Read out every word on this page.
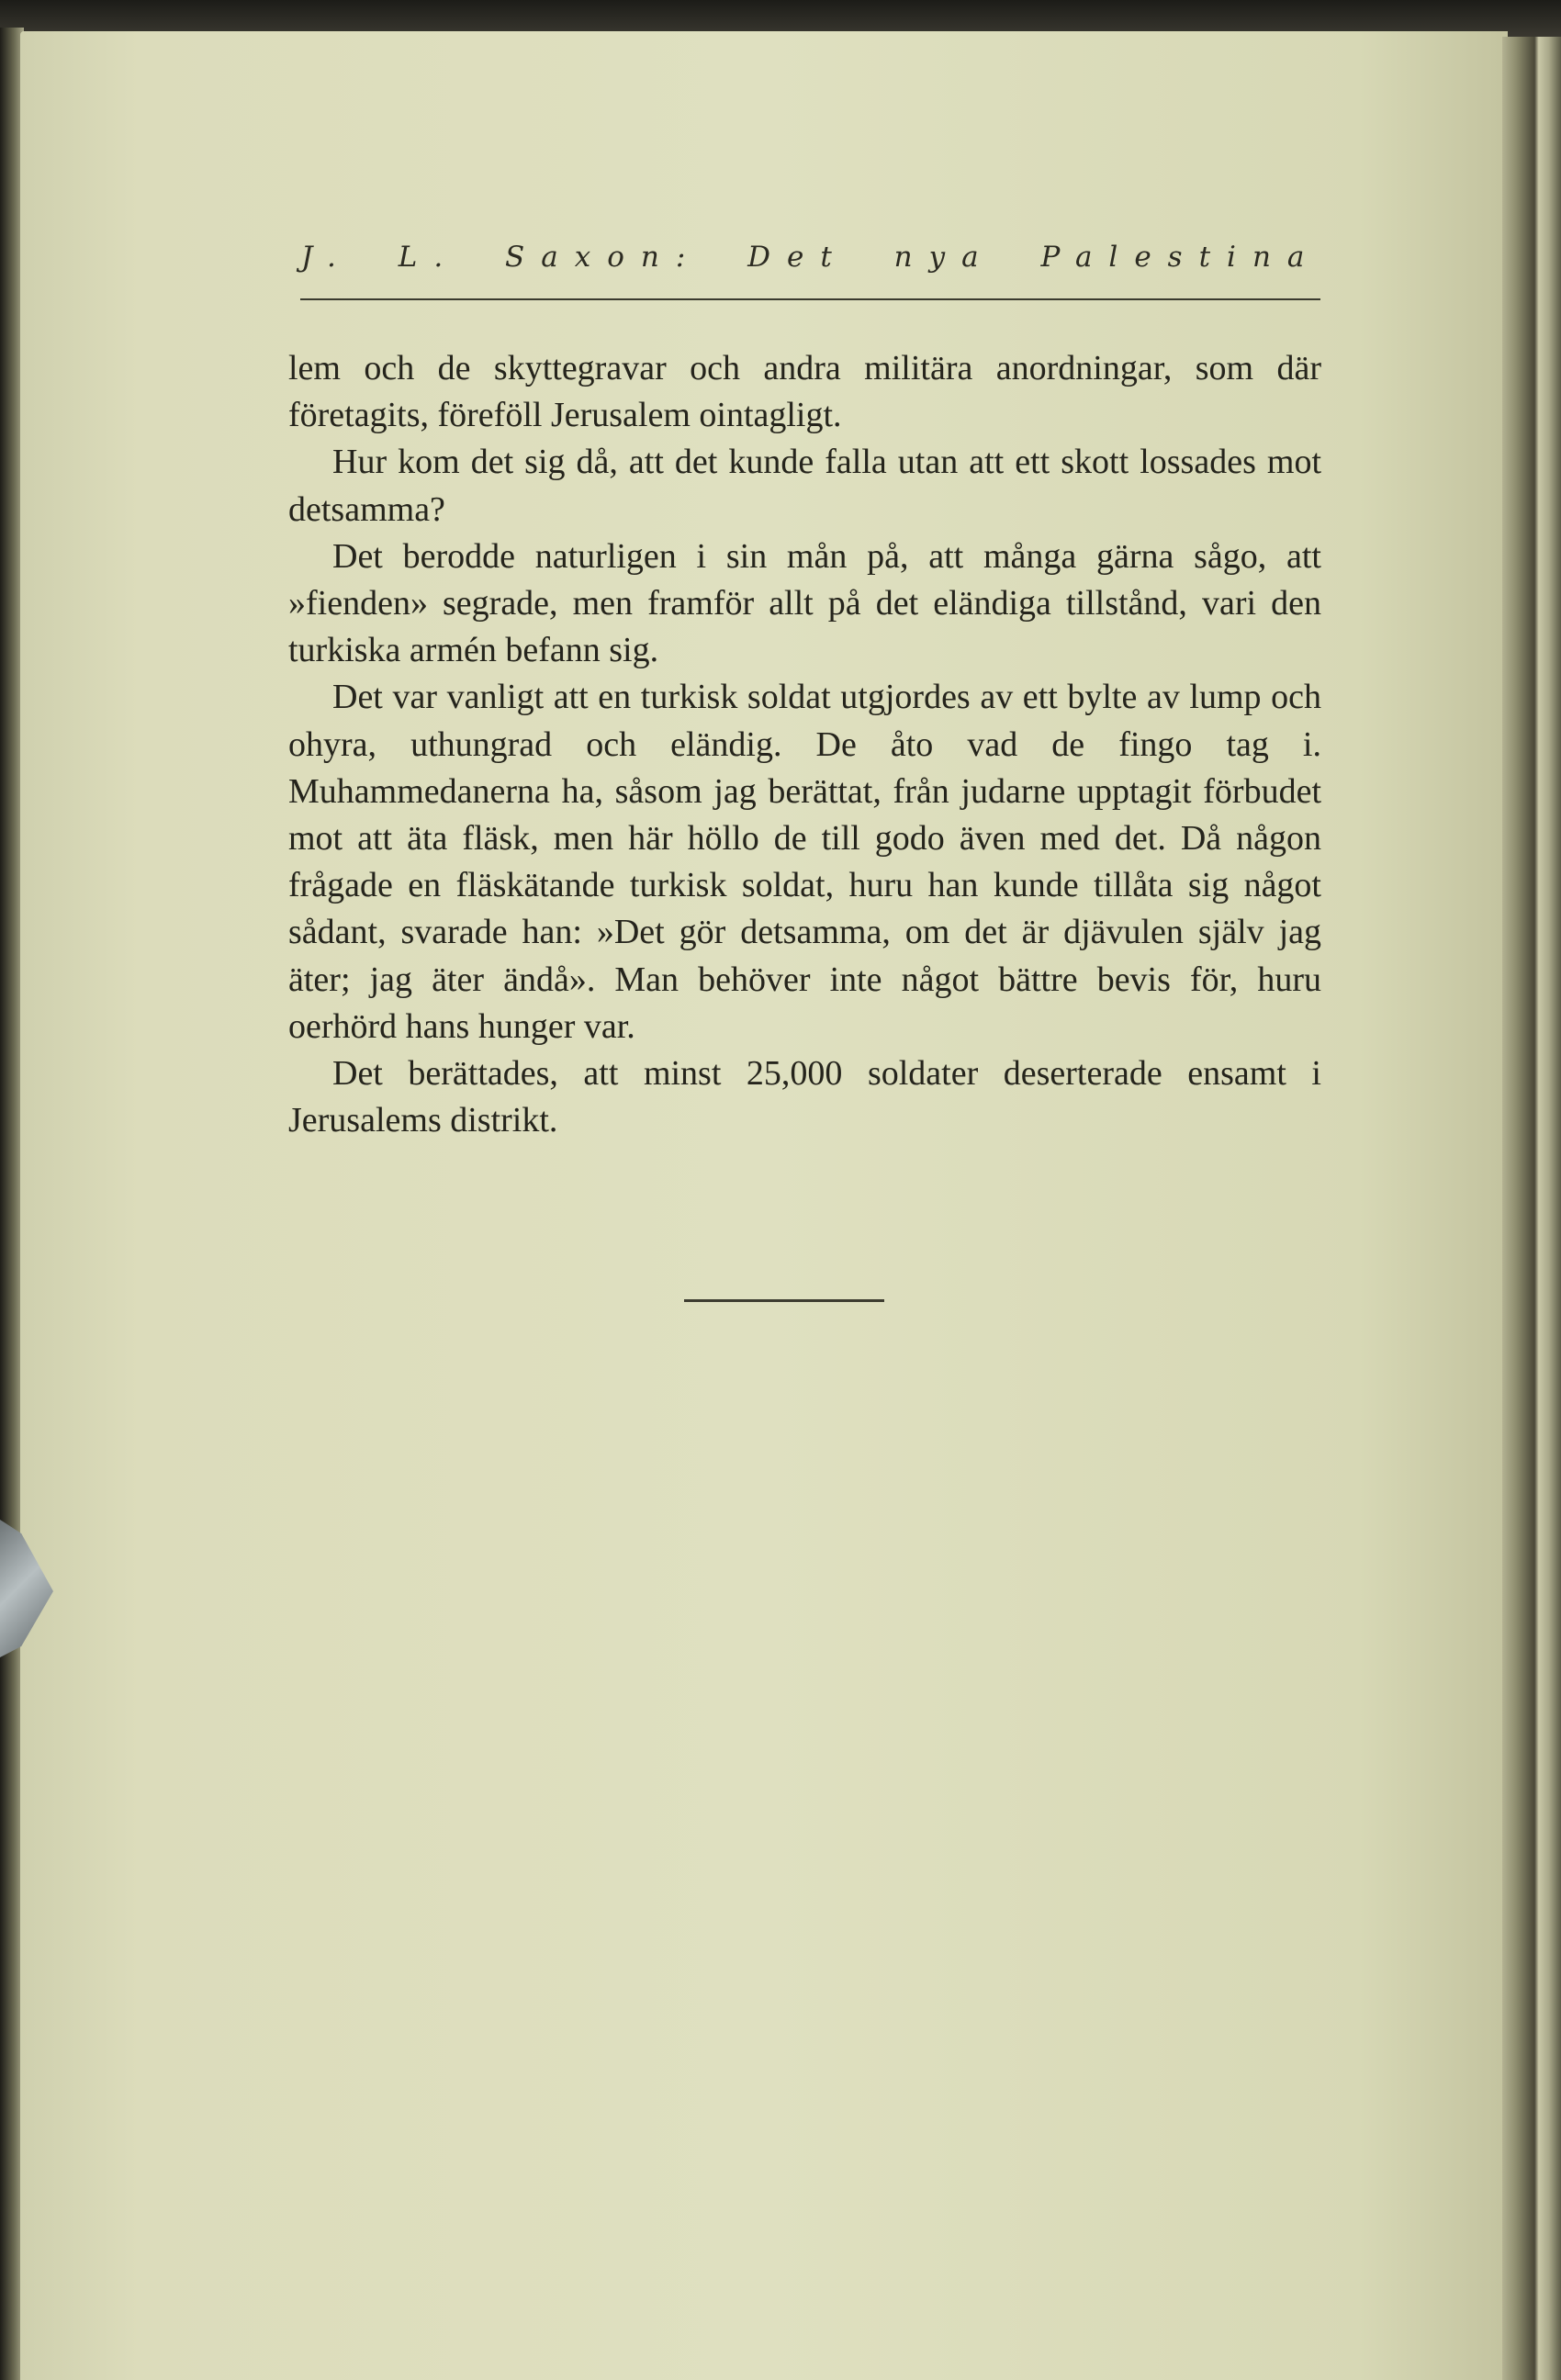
J. L. Saxon: Det nya Palestina

lem och de skyttegravar och andra militära anordningar, som där företagits, föreföll Jerusalem ointagligt.

Hur kom det sig då, att det kunde falla utan att ett skott lossades mot detsamma?

Det berodde naturligen i sin mån på, att många gärna sågo, att »fienden» segrade, men framför allt på det eländiga tillstånd, vari den turkiska armén befann sig.

Det var vanligt att en turkisk soldat utgjordes av ett bylte av lump och ohyra, uthungrad och eländig. De åto vad de fingo tag i. Muhammedanerna ha, såsom jag berättat, från judarne upptagit förbudet mot att äta fläsk, men här höllo de till godo även med det. Då någon frågade en fläskätande turkisk soldat, huru han kunde tillåta sig något sådant, svarade han: »Det gör detsamma, om det är djävulen själv jag äter; jag äter ändå». Man behöver inte något bättre bevis för, huru oerhörd hans hunger var.

Det berättades, att minst 25,000 soldater deserterade ensamt i Jerusalems distrikt.
